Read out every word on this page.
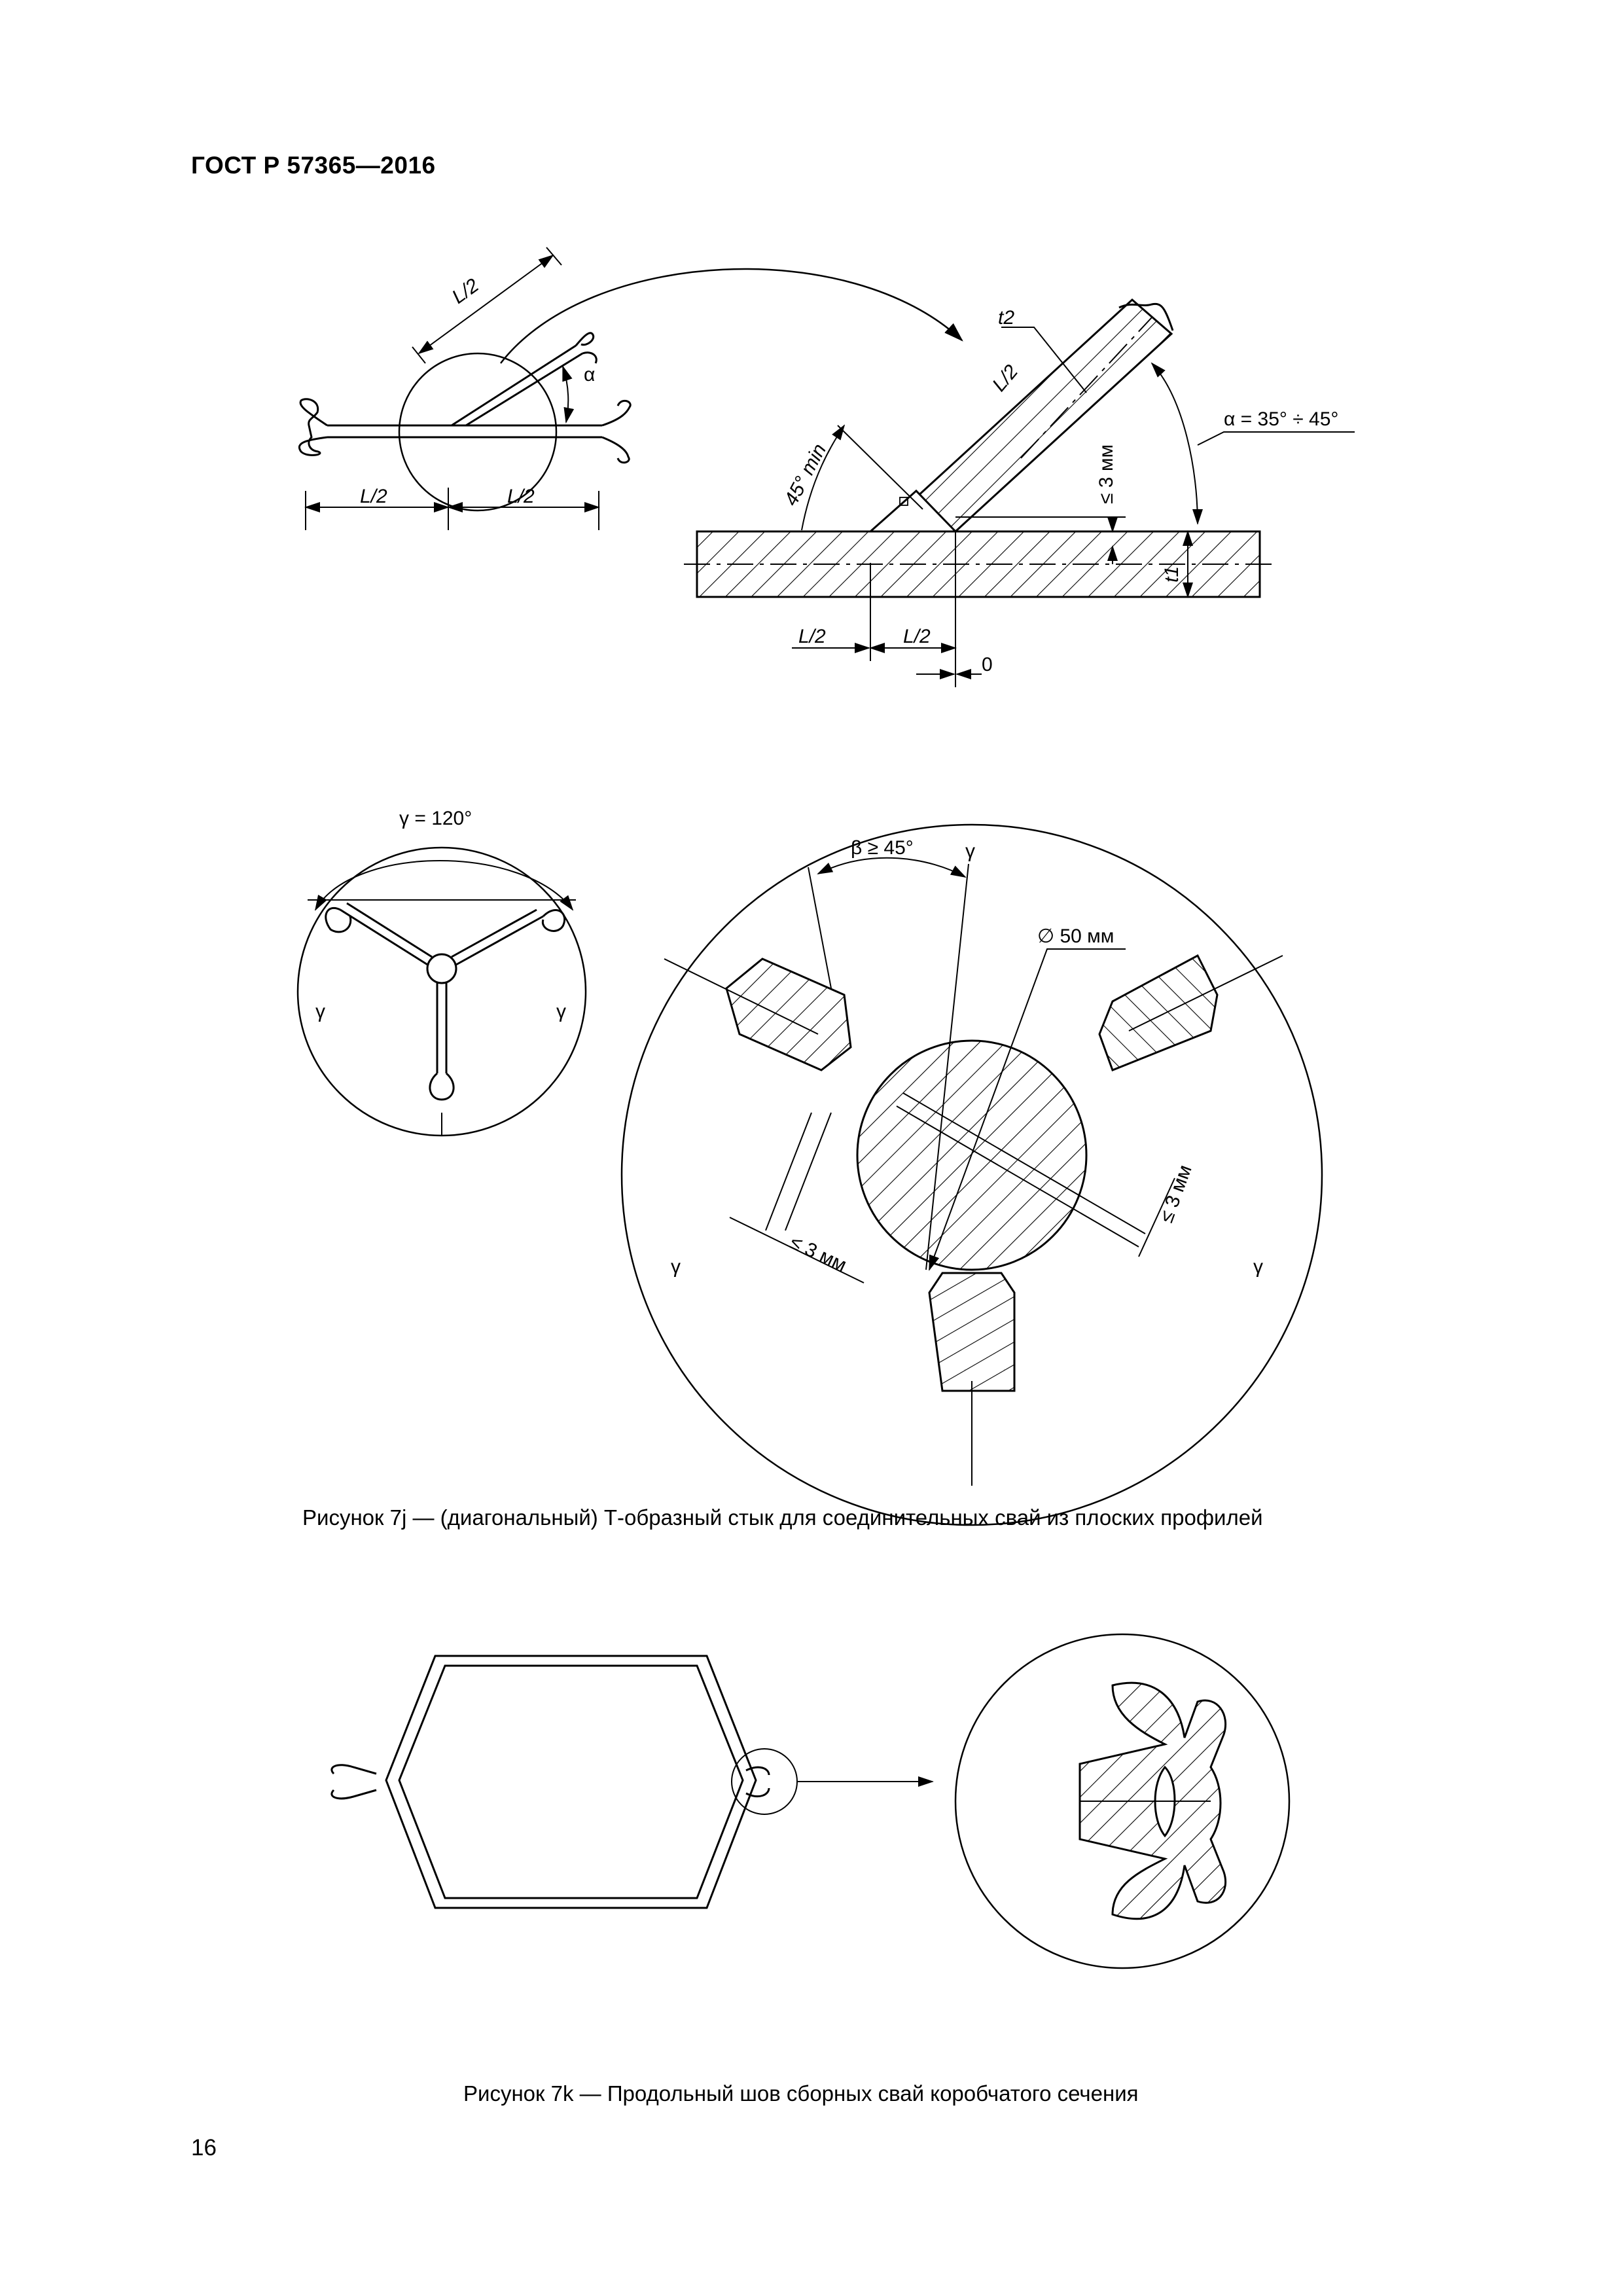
ГОСТ Р 57365—2016
L/2
α
L/2	L/2
t2
L/2
45° min	≤ 3 мм
α = 35° ÷ 45°
t1
L/2	L/2
0
γ = 120°
γ	γ
γ
β ≥ 45°
∅ 50 мм
≤ 3 мм
≤ 3 мм
γ	γ
Рисунок 7j — (диагональный) Т-образный стык для соединительных свай из плоских профилей
Рисунок 7k — Продольный шов сборных свай коробчатого сечения
16
